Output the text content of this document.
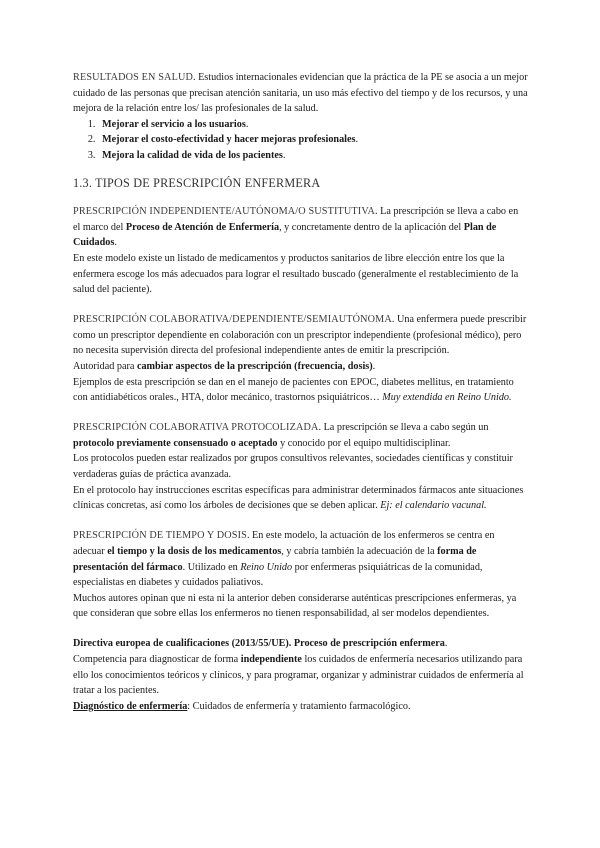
RESULTADOS EN SALUD. Estudios internacionales evidencian que la práctica de la PE se asocia a un mejor cuidado de las personas que precisan atención sanitaria, un uso más efectivo del tiempo y de los recursos, y una mejora de la relación entre los/ las profesionales de la salud.

1. Mejorar el servicio a los usuarios.
2. Mejorar el costo-efectividad y hacer mejoras profesionales.
3. Mejora la calidad de vida de los pacientes.
1.3. TIPOS DE PRESCRIPCIÓN ENFERMERA

PRESCRIPCIÓN INDEPENDIENTE/AUTÓNOMA/O SUSTITUTIVA. La prescripción se lleva a cabo en el marco del Proceso de Atención de Enfermería, y concretamente dentro de la aplicación del Plan de Cuidados.

En este modelo existe un listado de medicamentos y productos sanitarios de libre elección entre los que la enfermera escoge los más adecuados para lograr el resultado buscado (generalmente el restablecimiento de la salud del paciente).

PRESCRIPCIÓN COLABORATIVA/DEPENDIENTE/SEMIAUTÓNOMA. Una enfermera puede prescribir como un prescriptor dependiente en colaboración con un prescriptor independiente (profesional médico), pero no necesita supervisión directa del profesional independiente antes de emitir la prescripción.

Autoridad para cambiar aspectos de la prescripción (frecuencia, dosis).

Ejemplos de esta prescripción se dan en el manejo de pacientes con EPOC, diabetes mellitus, en tratamiento con antidiabéticos orales., HTA, dolor mecánico, trastornos psiquiátricos… Muy extendida en Reino Unido.

PRESCRIPCIÓN COLABORATIVA PROTOCOLIZADA. La prescripción se lleva a cabo según un protocolo previamente consensuado o aceptado y conocido por el equipo multidisciplinar.

Los protocolos pueden estar realizados por grupos consultivos relevantes, sociedades científicas y constituir verdaderas guías de práctica avanzada.

En el protocolo hay instrucciones escritas específicas para administrar determinados fármacos ante situaciones clínicas concretas, así como los árboles de decisiones que se deben aplicar. Ej: el calendario vacunal.

PRESCRIPCIÓN DE TIEMPO Y DOSIS. En este modelo, la actuación de los enfermeros se centra en adecuar el tiempo y la dosis de los medicamentos, y cabría también la adecuación de la forma de presentación del fármaco. Utilizado en Reino Unido por enfermeras psiquiátricas de la comunidad, especialistas en diabetes y cuidados paliativos.

Muchos autores opinan que ni esta ni la anterior deben considerarse auténticas prescripciones enfermeras, ya que consideran que sobre ellas los enfermeros no tienen responsabilidad, al ser modelos dependientes.

Directiva europea de cualificaciones (2013/55/UE). Proceso de prescripción enfermera.

Competencia para diagnosticar de forma independiente los cuidados de enfermería necesarios utilizando para ello los conocimientos teóricos y clínicos, y para programar, organizar y administrar cuidados de enfermería al tratar a los pacientes.

Diagnóstico de enfermería: Cuidados de enfermería y tratamiento farmacológico.
